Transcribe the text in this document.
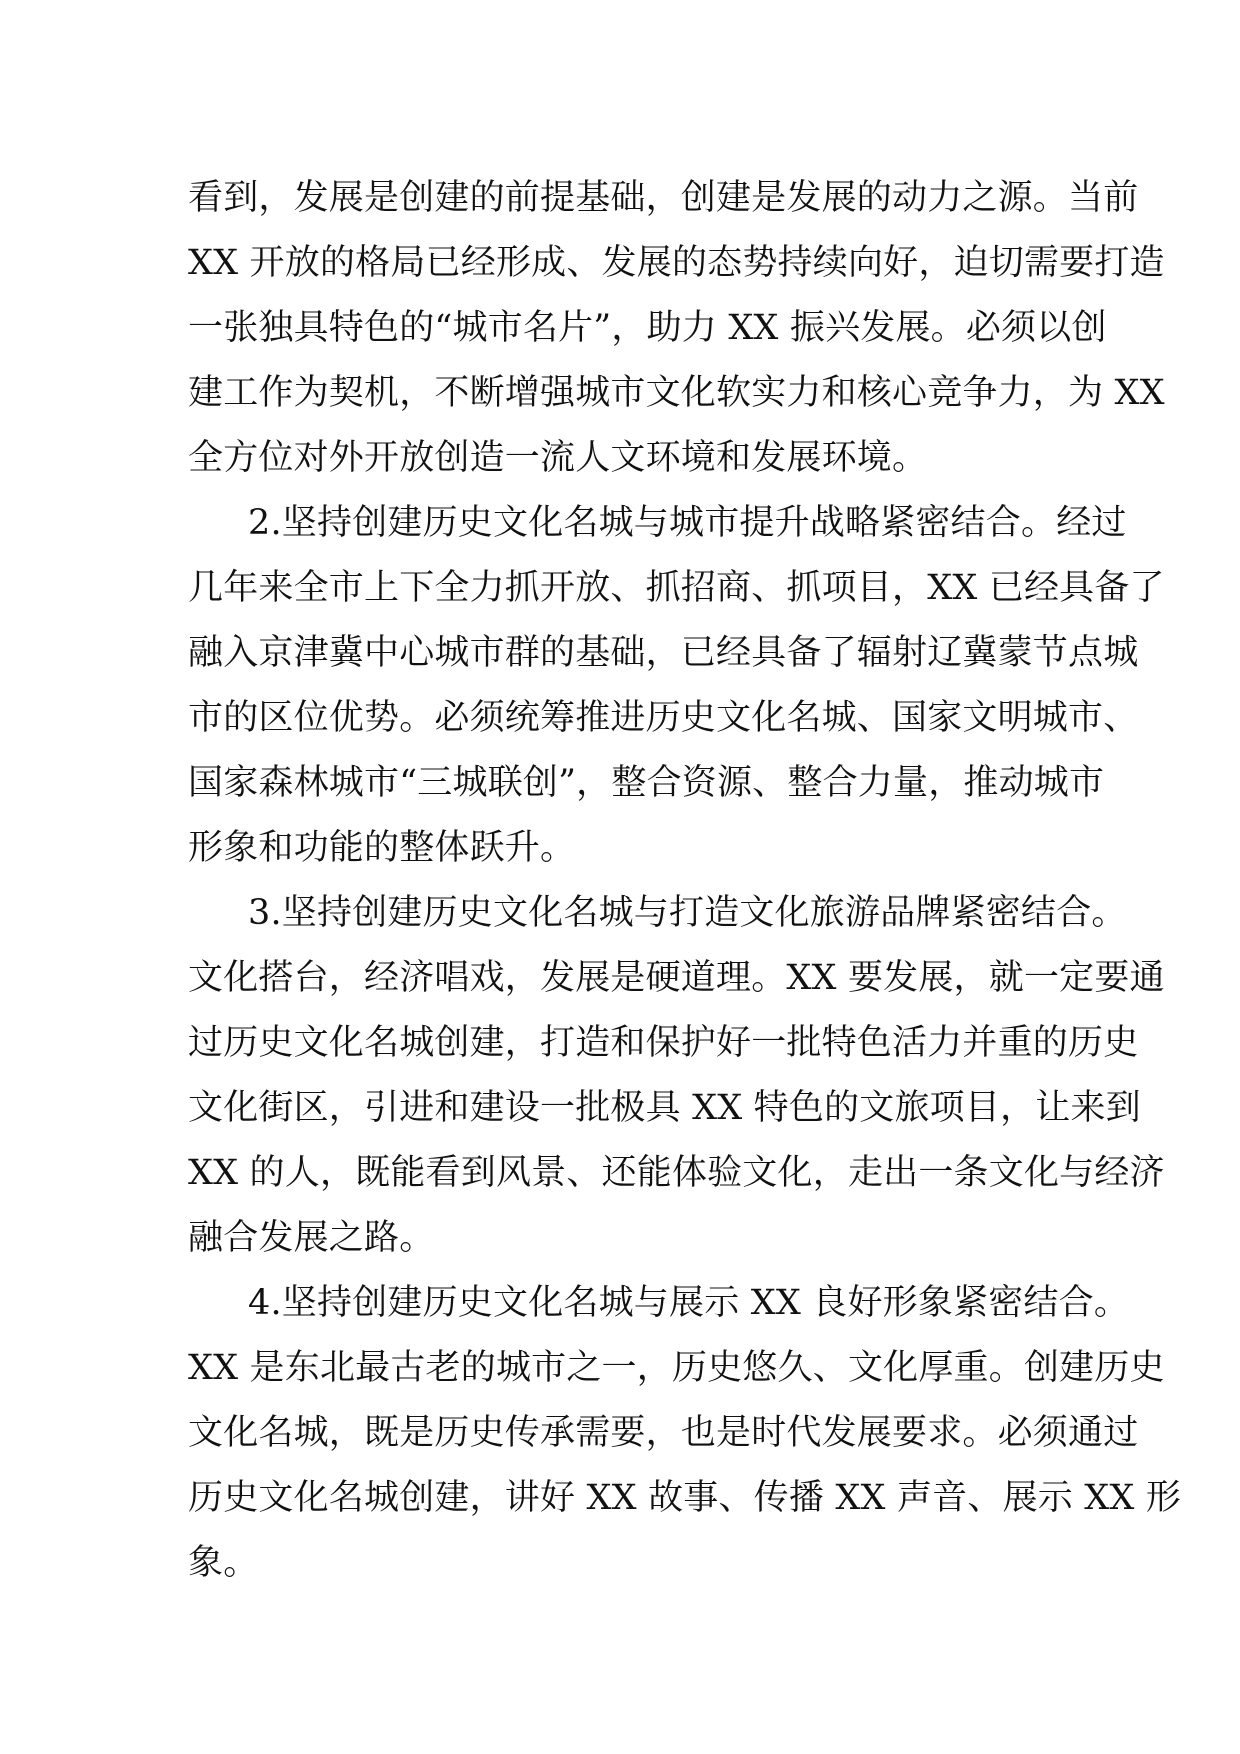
看到，发展是创建的前提基础，创建是发展的动力之源。当前
XX 开放的格局已经形成、发展的态势持续向好，迫切需要打造
一张独具特色的“城市名片”，助力 XX 振兴发展。必须以创
建工作为契机，不断增强城市文化软实力和核心竞争力，为 XX
全方位对外开放创造一流人文环境和发展环境。
2.坚持创建历史文化名城与城市提升战略紧密结合。经过
几年来全市上下全力抓开放、抓招商、抓项目，XX 已经具备了
融入京津冀中心城市群的基础，已经具备了辐射辽冀蒙节点城
市的区位优势。必须统筹推进历史文化名城、国家文明城市、
国家森林城市“三城联创”，整合资源、整合力量，推动城市
形象和功能的整体跃升。
3.坚持创建历史文化名城与打造文化旅游品牌紧密结合。
文化搭台，经济唱戏，发展是硬道理。XX 要发展，就一定要通
过历史文化名城创建，打造和保护好一批特色活力并重的历史
文化街区，引进和建设一批极具 XX 特色的文旅项目，让来到
XX 的人，既能看到风景、还能体验文化，走出一条文化与经济
融合发展之路。
4.坚持创建历史文化名城与展示 XX 良好形象紧密结合。
XX 是东北最古老的城市之一，历史悠久、文化厚重。创建历史
文化名城，既是历史传承需要，也是时代发展要求。必须通过
历史文化名城创建，讲好 XX 故事、传播 XX 声音、展示 XX 形
象。
